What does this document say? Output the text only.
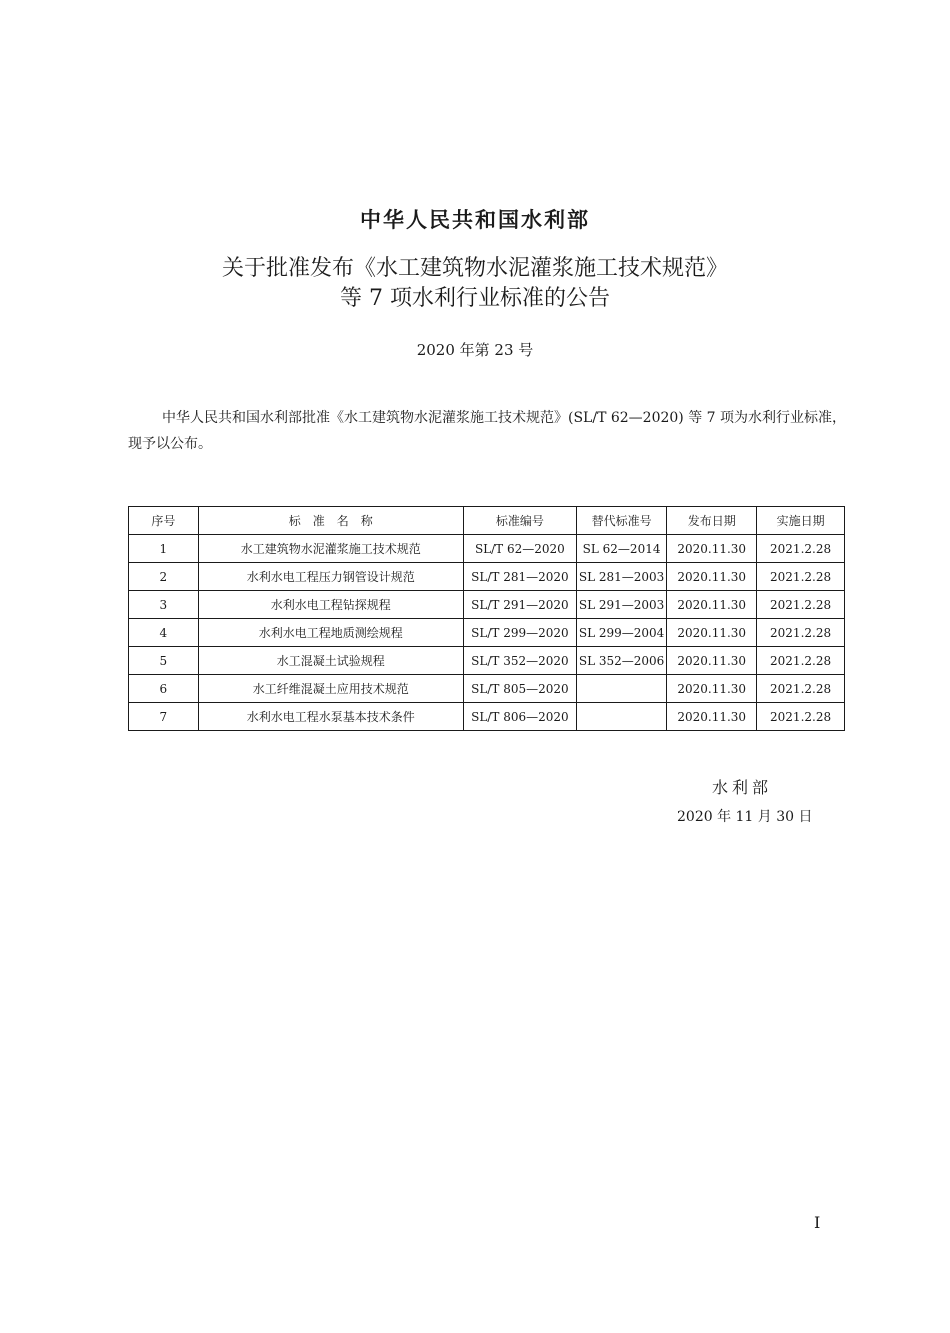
中华人民共和国水利部
关于批准发布《水工建筑物水泥灌浆施工技术规范》
等 7 项水利行业标准的公告
2020 年第 23 号
中华人民共和国水利部批准《水工建筑物水泥灌浆施工技术规范》(SL/T 62—2020) 等 7 项为水利行业标准，现予以公布。
序号	标　准　名　称	标准编号	替代标准号	发布日期	实施日期
1	水工建筑物水泥灌浆施工技术规范	SL/T 62—2020	SL 62—2014	2020.11.30	2021.2.28
2	水利水电工程压力钢管设计规范	SL/T 281—2020	SL 281—2003	2020.11.30	2021.2.28
3	水利水电工程钻探规程	SL/T 291—2020	SL 291—2003	2020.11.30	2021.2.28
4	水利水电工程地质测绘规程	SL/T 299—2020	SL 299—2004	2020.11.30	2021.2.28
5	水工混凝土试验规程	SL/T 352—2020	SL 352—2006	2020.11.30	2021.2.28
6	水工纤维混凝土应用技术规范	SL/T 805—2020		2020.11.30	2021.2.28
7	水利水电工程水泵基本技术条件	SL/T 806—2020		2020.11.30	2021.2.28
水利部
2020 年 11 月 30 日
I
